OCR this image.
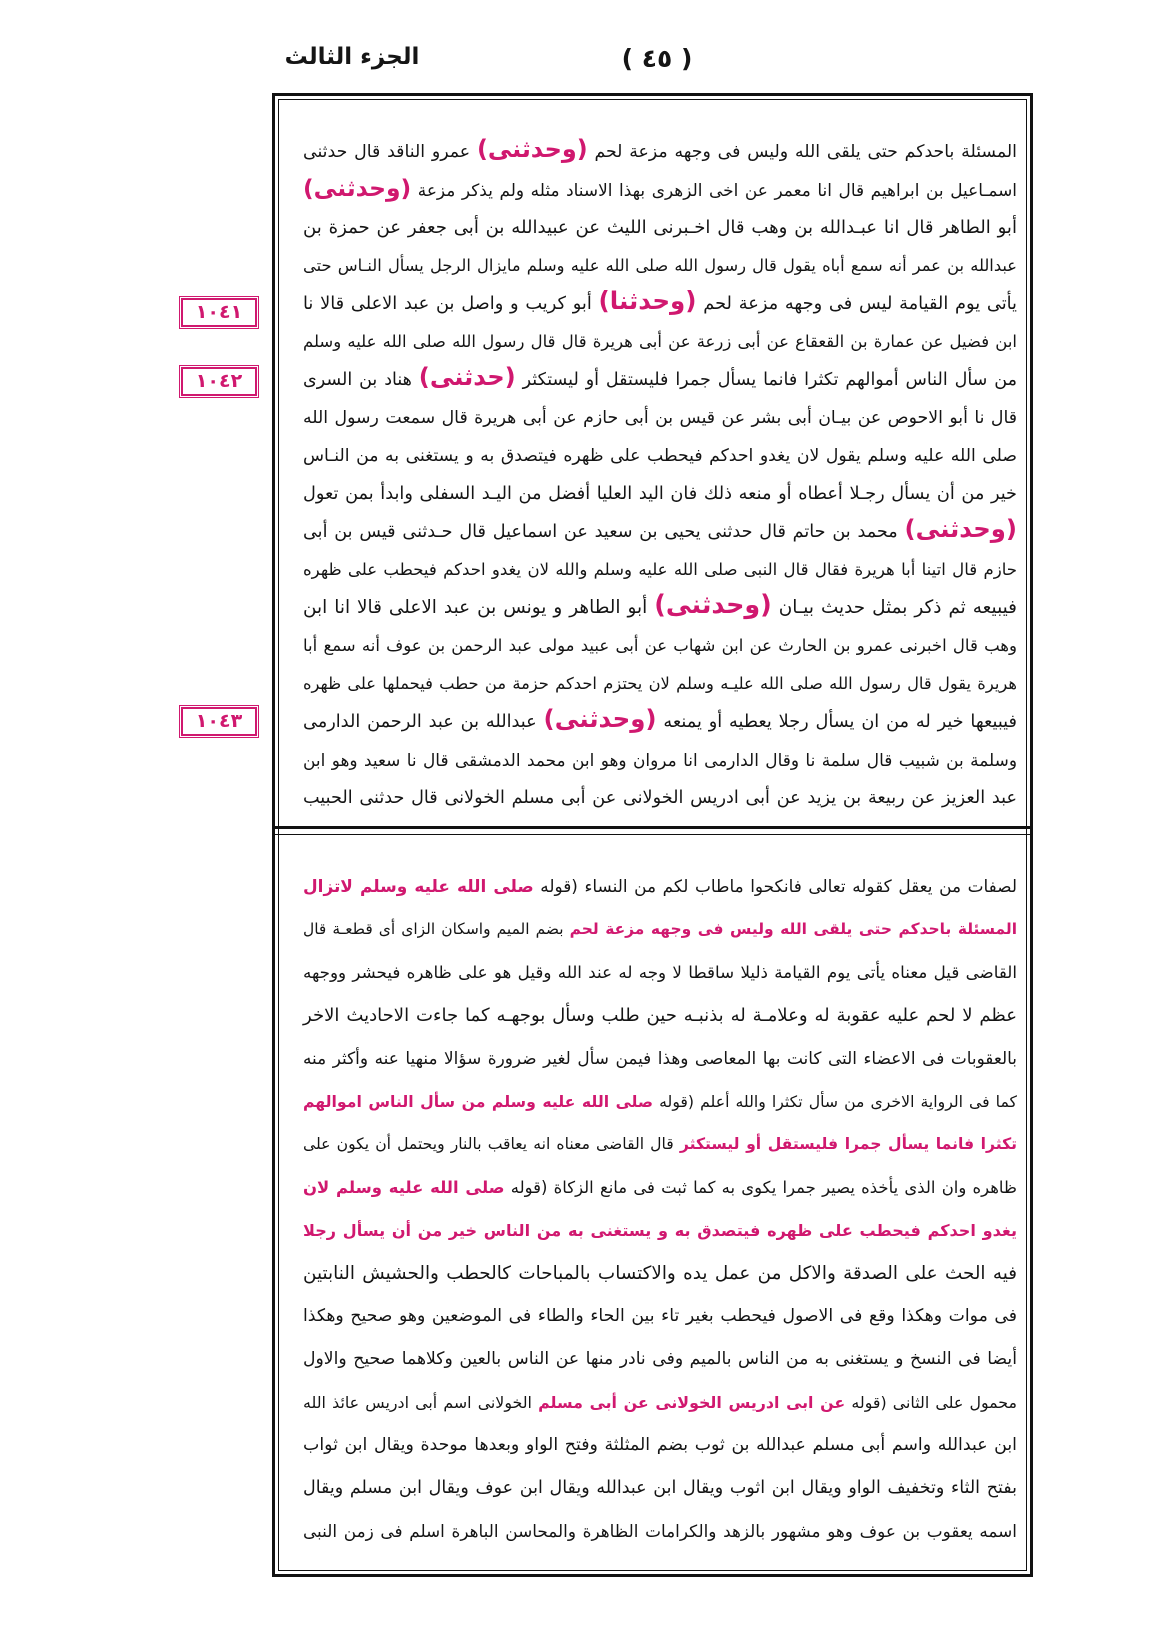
الجزء الثالث	( ٤٥ )
١٠٤١
١٠٤٢
١٠٤٣
المسئلة باحدكم حتى يلقى الله وليس فى وجهه مزعة لحم (وحدثنى) عمرو الناقد قال حدثنى
اسمـاعيل بن ابراهيم قال انا معمر عن اخى الزهرى بهذا الاسناد مثله ولم يذكر مزعة (وحدثنى)
أبو الطاهر قال انا عبـدالله بن وهب قال اخـبرنى الليث عن عبيدالله بن أبى جعفر عن حمزة بن
عبدالله بن عمر أنه سمع أباه يقول قال رسول الله صلى الله عليه وسلم مايزال الرجل يسأل النـاس حتى
يأتى يوم القيامة ليس فى وجهه مزعة لحم (وحدثنا) أبو كريب و واصل بن عبد الاعلى قالا نا
ابن فضيل عن عمارة بن القعقاع عن أبى زرعة عن أبى هريرة قال قال رسول الله صلى الله عليه وسلم
من سأل الناس أموالهم تكثرا فانما يسأل جمرا فليستقل أو ليستكثر (حدثنى) هناد بن السرى
قال نا أبو الاحوص عن بيـان أبى بشر عن قيس بن أبى حازم عن أبى هريرة قال سمعت رسول الله
صلى الله عليه وسلم يقول لان يغدو احدكم فيحطب على ظهره فيتصدق به و يستغنى به من النـاس
خير من أن يسأل رجـلا أعطاه أو منعه ذلك فان اليد العليا أفضل من اليـد السفلى وابدأ بمن تعول
(وحدثنى) محمد بن حاتم قال حدثنى يحيى بن سعيد عن اسماعيل قال حـدثنى قيس بن أبى
حازم قال اتينا أبا هريرة فقال قال النبى صلى الله عليه وسلم والله لان يغدو احدكم فيحطب على ظهره
فيبيعه ثم ذكر بمثل حديث بيـان (وحدثنى) أبو الطاهر و يونس بن عبد الاعلى قالا انا ابن
وهب قال اخبرنى عمرو بن الحارث عن ابن شهاب عن أبى عبيد مولى عبد الرحمن بن عوف أنه سمع أبا
هريرة يقول قال رسول الله صلى الله عليـه وسلم لان يحتزم احدكم حزمة من حطب فيحملها على ظهره
فيبيعها خير له من ان يسأل رجلا يعطيه أو يمنعه (وحدثنى) عبدالله بن عبد الرحمن الدارمى
وسلمة بن شبيب قال سلمة نا وقال الدارمى انا مروان وهو ابن محمد الدمشقى قال نا سعيد وهو ابن
عبد العزيز عن ربيعة بن يزيد عن أبى ادريس الخولانى عن أبى مسلم الخولانى قال حدثنى الحبيب
لصفات من يعقل كقوله تعالى فانكحوا ماطاب لكم من النساء (قوله صلى الله عليه وسلم لاتزال
المسئلة باحدكم حتى يلقى الله وليس فى وجهه مزعة لحم بضم الميم واسكان الزاى أى قطعـة قال
القاضى قيل معناه يأتى يوم القيامة ذليلا ساقطا لا وجه له عند الله وقيل هو على ظاهره فيحشر ووجهه
عظم لا لحم عليه عقوبة له وعلامـة له بذنبـه حين طلب وسأل بوجهـه كما جاءت الاحاديث الاخر
بالعقوبات فى الاعضاء التى كانت بها المعاصى وهذا فيمن سأل لغير ضرورة سؤالا منهيا عنه وأكثر منه
كما فى الرواية الاخرى من سأل تكثرا والله أعلم (قوله صلى الله عليه وسلم من سأل الناس اموالهم
تكثرا فانما يسأل جمرا فليستقل أو ليستكثر قال القاضى معناه انه يعاقب بالنار ويحتمل أن يكون على
ظاهره وان الذى يأخذه يصير جمرا يكوى به كما ثبت فى مانع الزكاة (قوله صلى الله عليه وسلم لان
يغدو احدكم فيحطب على ظهره فيتصدق به و يستغنى به من الناس خير من أن يسأل رجلا
فيه الحث على الصدقة والاكل من عمل يده والاكتساب بالمباحات كالحطب والحشيش النابتين
فى موات وهكذا وقع فى الاصول فيحطب بغير تاء بين الحاء والطاء فى الموضعين وهو صحيح وهكذا
أيضا فى النسخ و يستغنى به من الناس بالميم وفى نادر منها عن الناس بالعين وكلاهما صحيح والاول
محمول على الثانى (قوله عن ابى ادريس الخولانى عن أبى مسلم الخولانى اسم أبى ادريس عائذ الله
ابن عبدالله واسم أبى مسلم عبدالله بن ثوب بضم المثلثة وفتح الواو وبعدها موحدة ويقال ابن ثواب
بفتح الثاء وتخفيف الواو ويقال ابن اثوب ويقال ابن عبدالله ويقال ابن عوف ويقال ابن مسلم ويقال
اسمه يعقوب بن عوف وهو مشهور بالزهد والكرامات الظاهرة والمحاسن الباهرة اسلم فى زمن النبى
